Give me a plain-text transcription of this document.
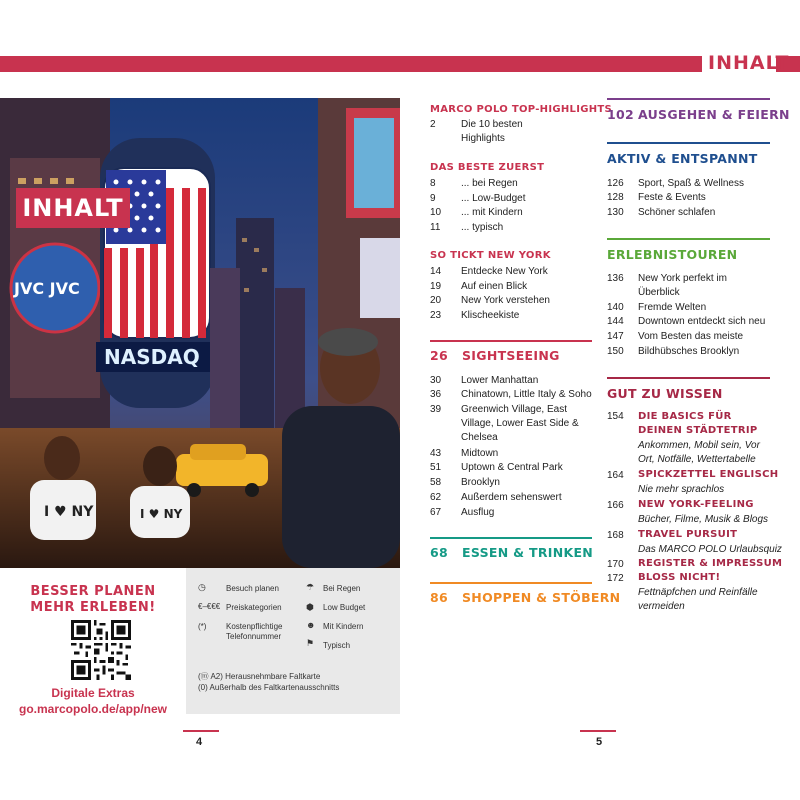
INHALT
JVC JVC
NASDAQ
I ♥ NY	I ♥ NY
INHALT
BESSER PLANEN
MEHR ERLEBEN!
Digitale Extras
go.marcopolo.de/app/new
◷	Besuch planen
€–€€€ Preiskategorien
(*) Kostenpflichtige Telefonnummer
☂ Bei Regen
⬢ Low Budget
☻ Mit Kindern
⚑ Typisch
(ⓜ A2) Herausnehmbare Faltkarte
(0) Außerhalb des Faltkartenausschnitts
4	5
MARCO POLO TOP-HIGHLIGHTS
2	Die 10 besten Highlights
DAS BESTE ZUERST
8	... bei Regen
9	... Low-Budget
10 ... mit Kindern
11 ... typisch
SO TICKT NEW YORK
14 Entdecke New York
19 Auf einen Blick
20 New York verstehen
23 Klischeekiste
26 SIGHTSEEING
30 Lower Manhattan
36 Chinatown, Little Italy & Soho
39 Greenwich Village, East Village, Lower East Side & Chelsea
43 Midtown
51 Uptown & Central Park
58 Brooklyn
62 Außerdem sehenswert
67 Ausflug
68 ESSEN & TRINKEN
86 SHOPPEN & STÖBERN
102 AUSGEHEN & FEIERN
AKTIV & ENTSPANNT
126 Sport, Spaß & Wellness
128 Feste & Events
130 Schöner schlafen
ERLEBNISTOUREN
136 New York perfekt im Überblick
140 Fremde Welten
144 Downtown entdeckt sich neu
147 Vom Besten das meiste
150 Bildhübsches Brooklyn
GUT ZU WISSEN
154 DIE BASICS FÜR DEINEN STÄDTETRIP
Ankommen, Mobil sein, Vor Ort, Notfälle, Wettertabelle
164 SPICKZETTEL ENGLISCH
Nie mehr sprachlos
166 NEW YORK-FEELING
Bücher, Filme, Musik & Blogs
168 TRAVEL PURSUIT
Das MARCO POLO Urlaubsquiz
170 REGISTER & IMPRESSUM
172 BLOSS NICHT!
Fettnäpfchen und Reinfälle vermeiden
